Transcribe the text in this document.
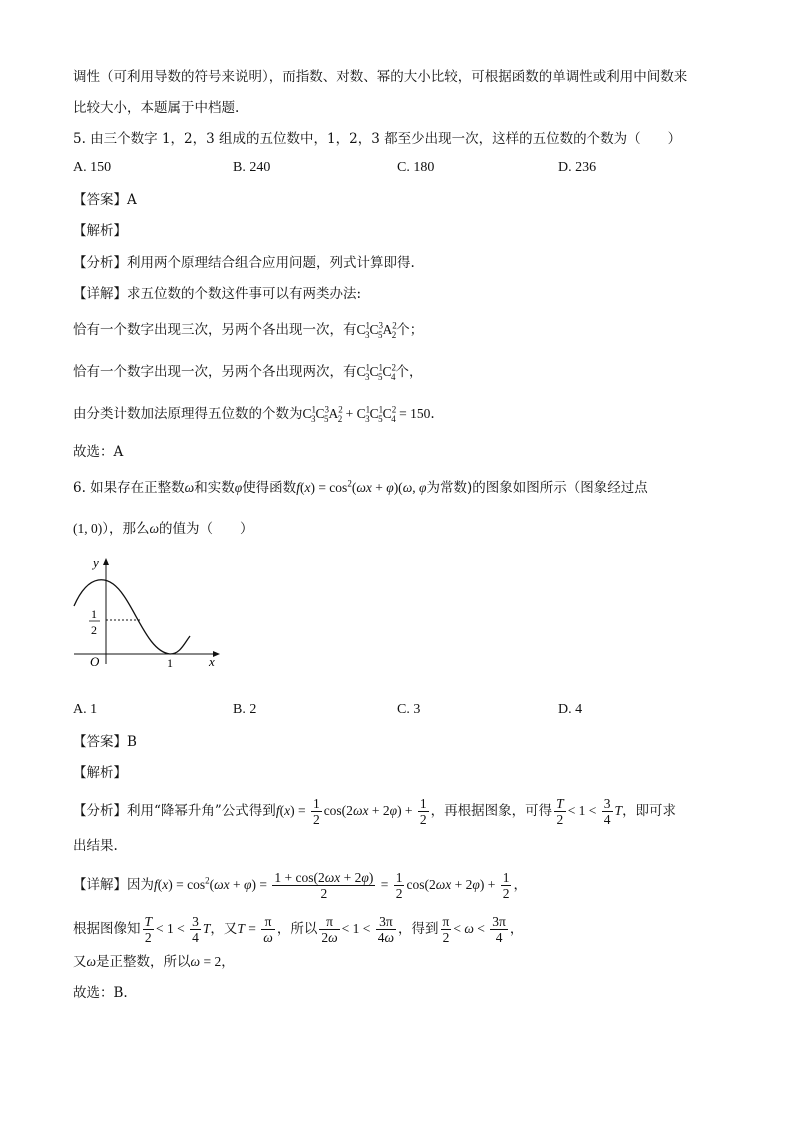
调性（可利用导数的符号来说明），而指数、对数、幂的大小比较，可根据函数的单调性或利用中间数来
比较大小，本题属于中档题.
5. 由三个数字 1，2，3 组成的五位数中，1，2，3 都至少出现一次，这样的五位数的个数为（　　）
A. 150	B. 240	C. 180	D. 236
【答案】A
【解析】
【分析】利用两个原理结合组合应用问题，列式计算即得.
【详解】求五位数的个数这件事可以有两类办法:
恰有一个数字出现三次，另两个各出现一次，有$C^1_3C^3_5A^2_2$个；
恰有一个数字出现一次，另两个各出现两次，有$C^1_3C^1_5C^2_4$个，
由分类计数加法原理得五位数的个数为$C^1_3C^3_5A^2_2 + C^1_3C^1_5C^2_4 = 150$.
故选：A
6. 如果存在正整数ω和实数φ使得函数$f(x) = \cos^2(\omega x + \varphi)(\omega$, φ为常数)的图象如图所示（图象经过点
(1, 0)），那么ω的值为（　　）
y
x
O
1
2
1
A. 1	B. 2	C. 3	D. 4
【答案】B
【解析】
【分析】利用“降幂升角”公式得到$f(x) = \frac{1}{2} \cos(2\omega x + 2\varphi) + \frac{1}{2}$ ，再根据图象，可得 $\frac{T}{2} < 1 < \frac{3}{4}$ T，即可求
出结果.
【详解】因为$f(x) = \cos^2(\omega x + \varphi) = \frac{1 + \cos(2\omega x + 2\varphi)}{2} = \frac{1}{2} \cos(2\omega x + 2\varphi) + \frac{1}{2}$ ，
根据图像知 $\frac{T}{2} < 1 < \frac{3}{4}$ T，又$T = \frac{\pi}{\omega}$ ，所以 $\frac{\pi}{2\omega} < 1 < \frac{3\pi}{4\omega}$ ，得到 $\frac{\pi}{2} < \omega < \frac{3\pi}{4}$ ，
又ω是正整数，所以ω = 2，
故选：B.
